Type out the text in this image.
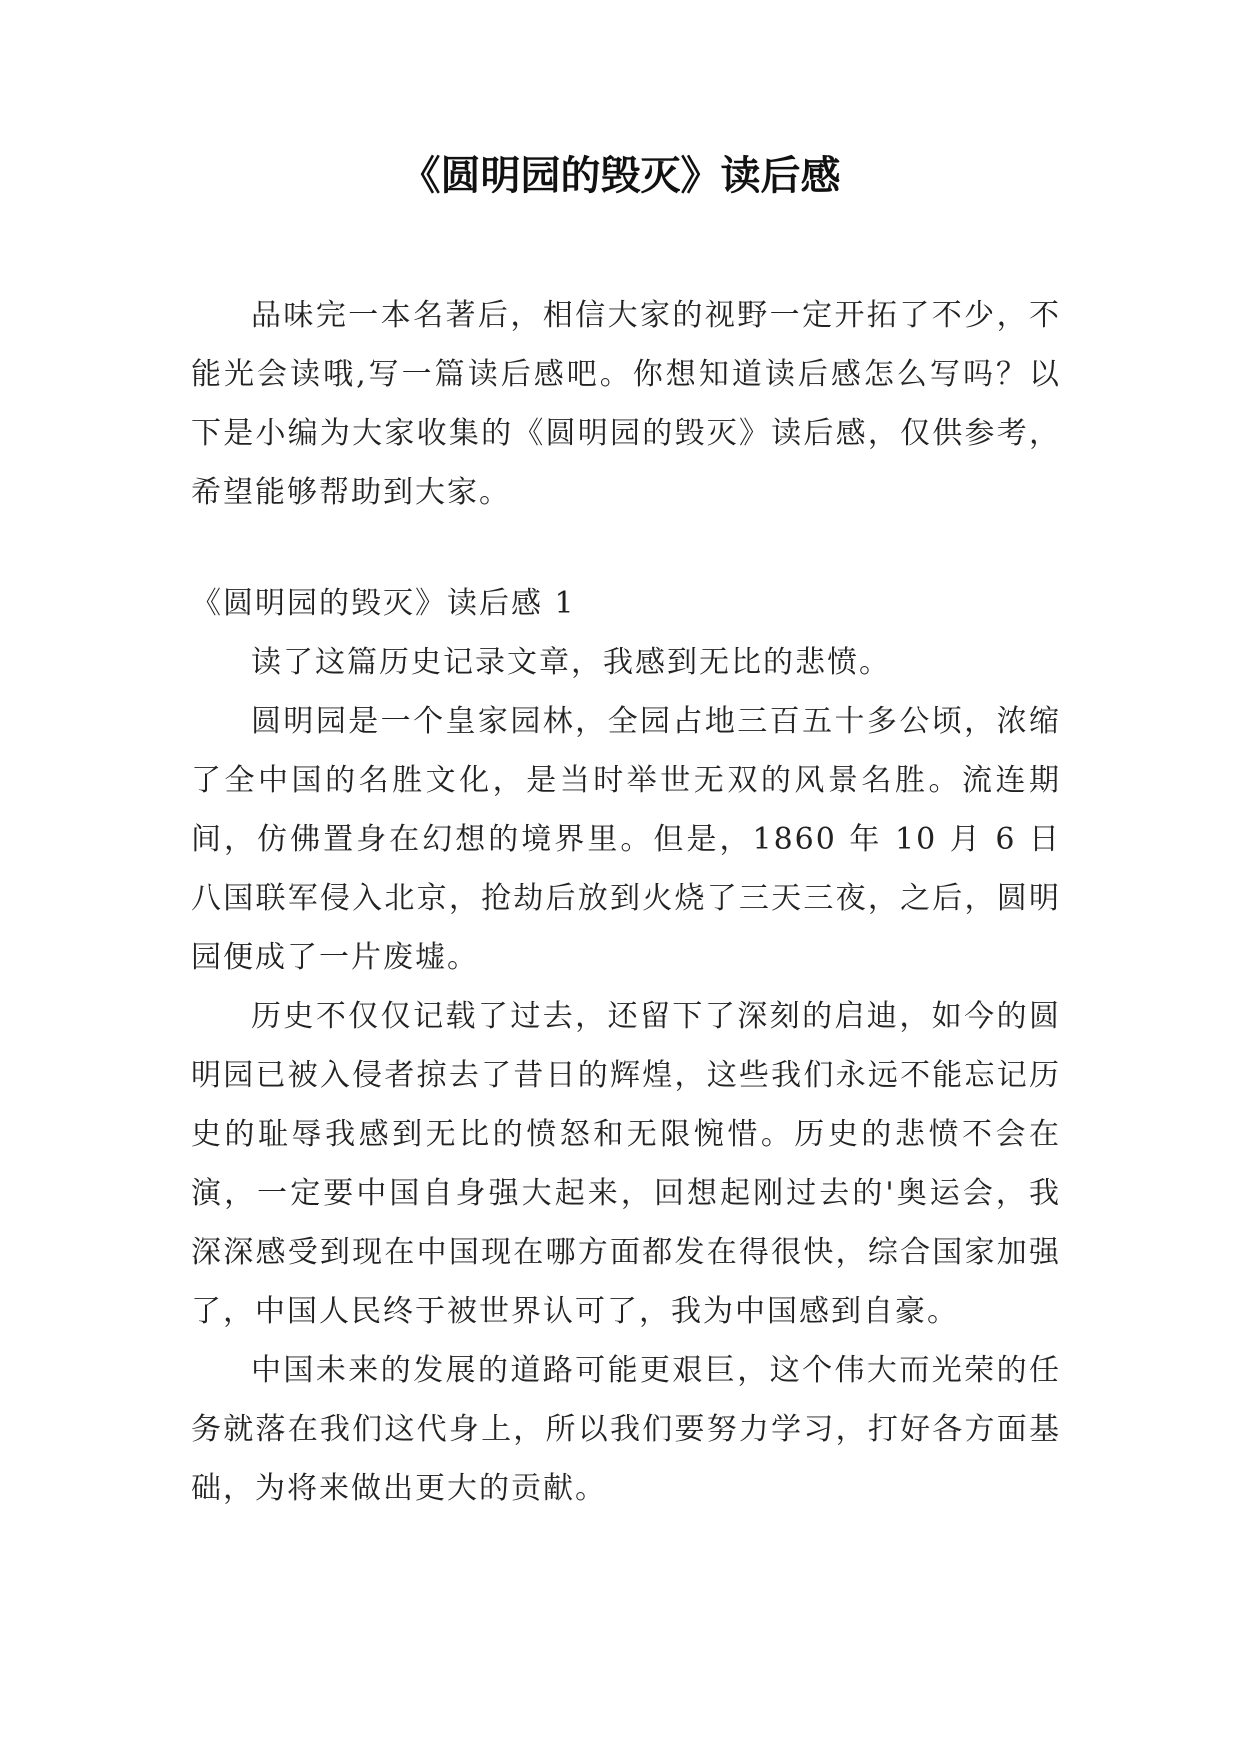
《圆明园的毁灭》读后感

品味完一本名著后，相信大家的视野一定开拓了不少，不能光会读哦,写一篇读后感吧。你想知道读后感怎么写吗？以下是小编为大家收集的《圆明园的毁灭》读后感，仅供参考，希望能够帮助到大家。

《圆明园的毁灭》读后感 1

读了这篇历史记录文章，我感到无比的悲愤。

圆明园是一个皇家园林，全园占地三百五十多公顷，浓缩了全中国的名胜文化，是当时举世无双的风景名胜。流连期间，仿佛置身在幻想的境界里。但是，1860 年 10 月 6 日八国联军侵入北京，抢劫后放到火烧了三天三夜，之后，圆明园便成了一片废墟。

历史不仅仅记载了过去，还留下了深刻的启迪，如今的圆明园已被入侵者掠去了昔日的辉煌，这些我们永远不能忘记历史的耻辱我感到无比的愤怒和无限惋惜。历史的悲愤不会在演，一定要中国自身强大起来，回想起刚过去的'奥运会，我深深感受到现在中国现在哪方面都发在得很快，综合国家加强了，中国人民终于被世界认可了，我为中国感到自豪。

中国未来的发展的道路可能更艰巨，这个伟大而光荣的任务就落在我们这代身上，所以我们要努力学习，打好各方面基础，为将来做出更大的贡献。
